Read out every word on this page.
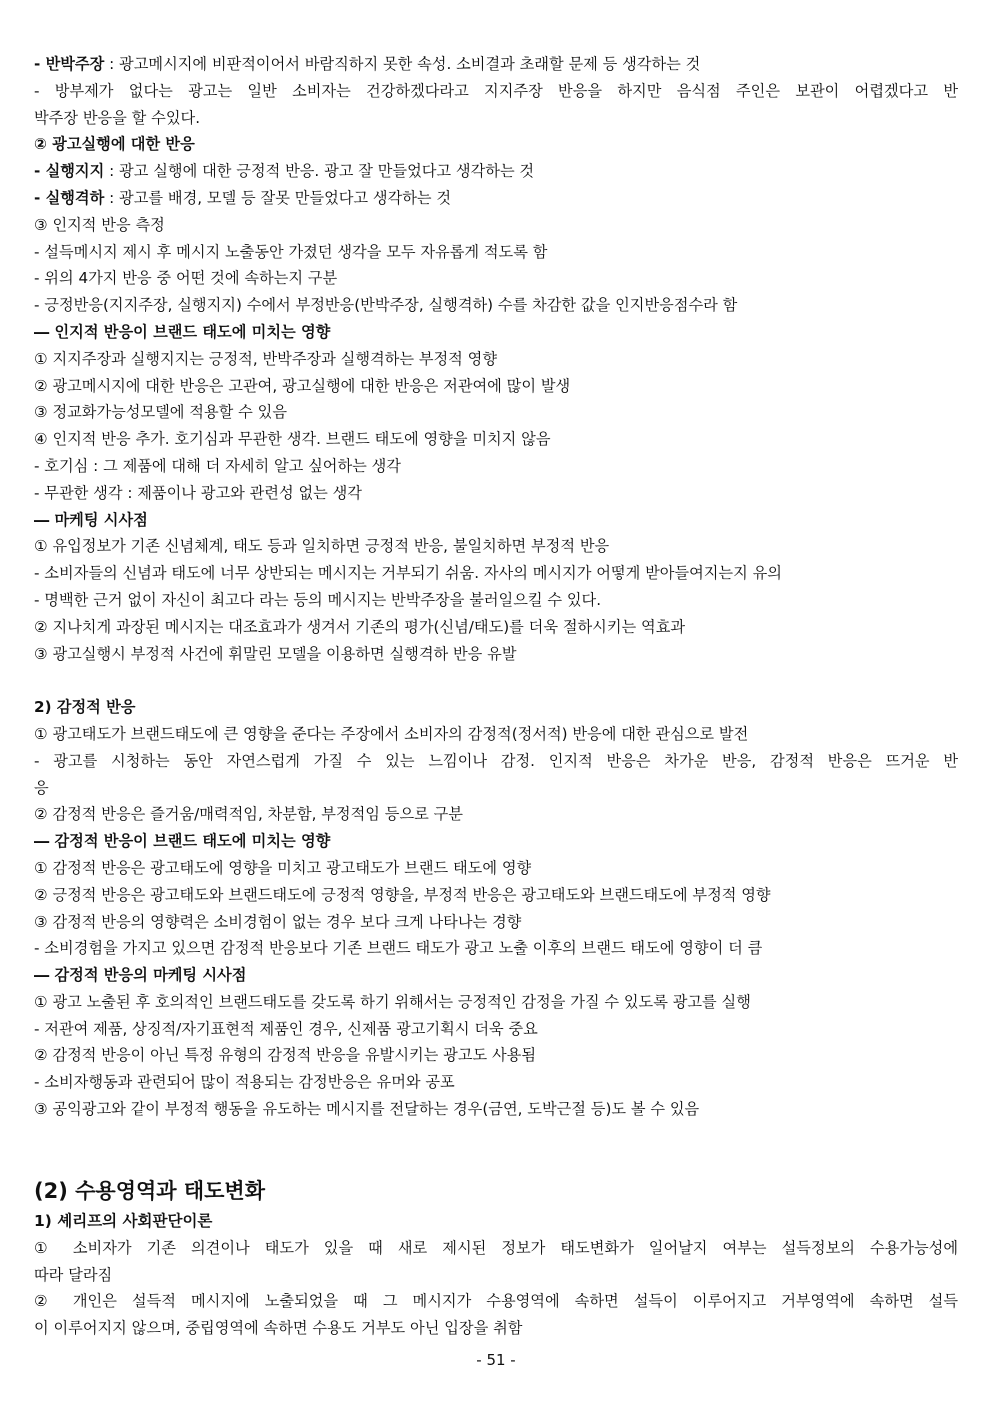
- 반박주장 : 광고메시지에 비판적이어서 바람직하지 못한 속성. 소비결과 초래할 문제 등 생각하는 것
- 방부제가 없다는 광고는 일반 소비자는 건강하겠다라고 지지주장 반응을 하지만 음식점 주인은 보관이 어렵겠다고 반
박주장 반응을 할 수있다.
② 광고실행에 대한 반응
- 실행지지 : 광고 실행에 대한 긍정적 반응. 광고 잘 만들었다고 생각하는 것
- 실행격하 : 광고를 배경, 모델 등 잘못 만들었다고 생각하는 것
③ 인지적 반응 측정
- 설득메시지 제시 후 메시지 노출동안 가졌던 생각을 모두 자유롭게 적도록 함
- 위의 4가지 반응 중 어떤 것에 속하는지 구분
- 긍정반응(지지주장, 실행지지) 수에서 부정반응(반박주장, 실행격하) 수를 차감한 값을 인지반응점수라 함
― 인지적 반응이 브랜드 태도에 미치는 영향
① 지지주장과 실행지지는 긍정적, 반박주장과 실행격하는 부정적 영향
② 광고메시지에 대한 반응은 고관여, 광고실행에 대한 반응은 저관여에 많이 발생
③ 정교화가능성모델에 적용할 수 있음
④ 인지적 반응 추가. 호기심과 무관한 생각. 브랜드 태도에 영향을 미치지 않음
- 호기심 : 그 제품에 대해 더 자세히 알고 싶어하는 생각
- 무관한 생각 : 제품이나 광고와 관련성 없는 생각
― 마케팅 시사점
① 유입정보가 기존 신념체계, 태도 등과 일치하면 긍정적 반응, 불일치하면 부정적 반응
- 소비자들의 신념과 태도에 너무 상반되는 메시지는 거부되기 쉬움. 자사의 메시지가 어떻게 받아들여지는지 유의
- 명백한 근거 없이 자신이 최고다 라는 등의 메시지는 반박주장을 불러일으킬 수 있다.
② 지나치게 과장된 메시지는 대조효과가 생겨서 기존의 평가(신념/태도)를 더욱 절하시키는 역효과
③ 광고실행시 부정적 사건에 휘말린 모델을 이용하면 실행격하 반응 유발
2) 감정적 반응
① 광고태도가 브랜드태도에 큰 영향을 준다는 주장에서 소비자의 감정적(정서적) 반응에 대한 관심으로 발전
- 광고를 시청하는 동안 자연스럽게 가질 수 있는 느낌이나 감정. 인지적 반응은 차가운 반응, 감정적 반응은 뜨거운 반
응
② 감정적 반응은 즐거움/매력적임, 차분함, 부정적임 등으로 구분
― 감정적 반응이 브랜드 태도에 미치는 영향
① 감정적 반응은 광고태도에 영향을 미치고 광고태도가 브랜드 태도에 영향
② 긍정적 반응은 광고태도와 브랜드태도에 긍정적 영향을, 부정적 반응은 광고태도와 브랜드태도에 부정적 영향
③ 감정적 반응의 영향력은 소비경험이 없는 경우 보다 크게 나타나는 경향
- 소비경험을 가지고 있으면 감정적 반응보다 기존 브랜드 태도가 광고 노출 이후의 브랜드 태도에 영향이 더 큼
― 감정적 반응의 마케팅 시사점
① 광고 노출된 후 호의적인 브랜드태도를 갖도록 하기 위해서는 긍정적인 감정을 가질 수 있도록 광고를 실행
- 저관여 제품, 상징적/자기표현적 제품인 경우, 신제품 광고기획시 더욱 중요
② 감정적 반응이 아닌 특정 유형의 감정적 반응을 유발시키는 광고도 사용됨
- 소비자행동과 관련되어 많이 적용되는 감정반응은 유머와 공포
③ 공익광고와 같이 부정적 행동을 유도하는 메시지를 전달하는 경우(금연, 도박근절 등)도 볼 수 있음
(2) 수용영역과 태도변화
1) 셰리프의 사회판단이론
① 소비자가 기존 의견이나 태도가 있을 때 새로 제시된 정보가 태도변화가 일어날지 여부는 설득정보의 수용가능성에
따라 달라짐
② 개인은 설득적 메시지에 노출되었을 때 그 메시지가 수용영역에 속하면 설득이 이루어지고 거부영역에 속하면 설득
이 이루어지지 않으며, 중립영역에 속하면 수용도 거부도 아닌 입장을 취함
- 51 -
